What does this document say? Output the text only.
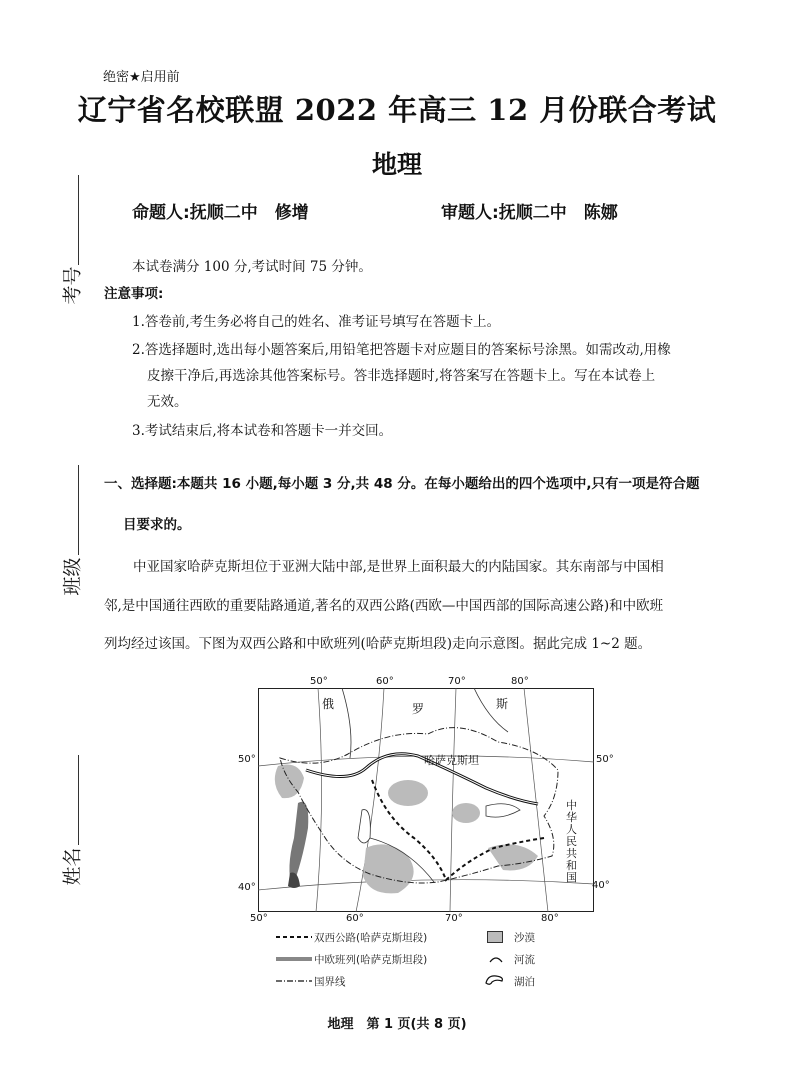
绝密★启用前
辽宁省名校联盟 2022 年高三 12 月份联合考试
地理
命题人:抚顺二中　修增	审题人:抚顺二中　陈娜
考号
班级
姓名
本试卷满分 100 分,考试时间 75 分钟。
注意事项:
1.答卷前,考生务必将自己的姓名、准考证号填写在答题卡上。
2.答选择题时,选出每小题答案后,用铅笔把答题卡对应题目的答案标号涂黑。如需改动,用橡
皮擦干净后,再选涂其他答案标号。答非选择题时,将答案写在答题卡上。写在本试卷上
无效。
3.考试结束后,将本试卷和答题卡一并交回。
一、选择题:本题共 16 小题,每小题 3 分,共 48 分。在每小题给出的四个选项中,只有一项是符合题
目要求的。
中亚国家哈萨克斯坦位于亚洲大陆中部,是世界上面积最大的内陆国家。其东南部与中国相
邻,是中国通往西欧的重要陆路通道,著名的双西公路(西欧—中国西部的国际高速公路)和中欧班
列均经过该国。下图为双西公路和中欧班列(哈萨克斯坦段)走向示意图。据此完成 1~2 题。
50°	60°	70°	80°
俄	罗	斯
哈萨克斯坦
中华人民共和国
50°
40°
50°
40°
50°	60°	70°	80°
双西公路(哈萨克斯坦段)	沙漠
中欧班列(哈萨克斯坦段)	河流
国界线	湖泊
地理　第 1 页(共 8 页)
